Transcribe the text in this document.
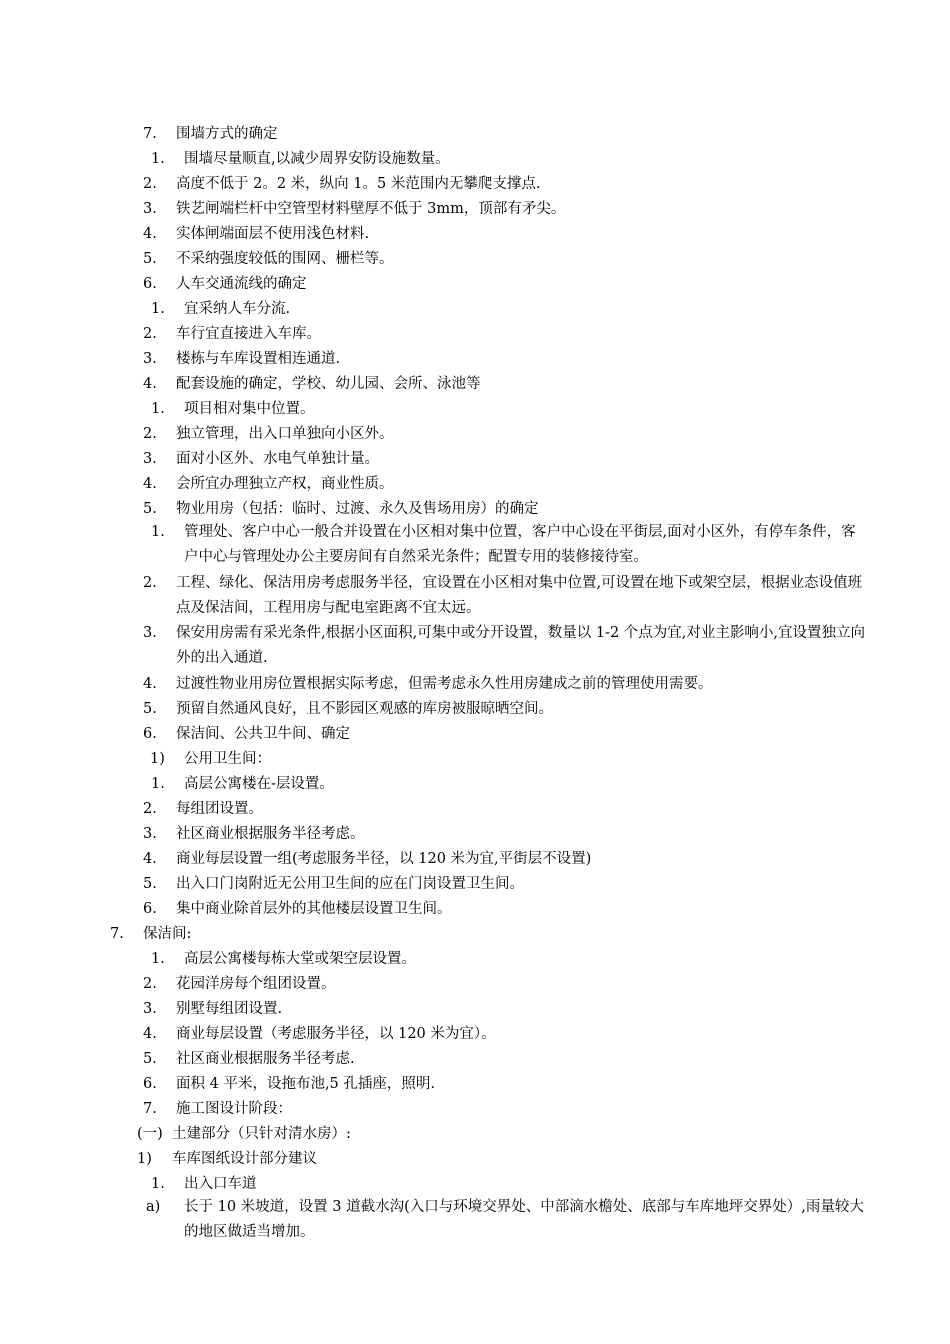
7.	围墙方式的确定
1.	围墙尽量顺直,以减少周界安防设施数量。
2.	高度不低于 2。2 米，纵向 1。5 米范围内无攀爬支撑点.
3.	铁艺闸端栏杆中空管型材料壁厚不低于 3mm，顶部有矛尖。
4.	实体闸端面层不使用浅色材料.
5.	不采纳强度较低的围网、栅栏等。
6.	人车交通流线的确定
1.	宜采纳人车分流.
2.	车行宜直接进入车库。
3.	楼栋与车库设置相连通道.
4.	配套设施的确定，学校、幼儿园、会所、泳池等
1.	项目相对集中位置。
2.	独立管理，出入口单独向小区外。
3.	面对小区外、水电气单独计量。
4.	会所宜办理独立产权，商业性质。
5.	物业用房（包括：临时、过渡、永久及售场用房）的确定
1.	管理处、客户中心一般合并设置在小区相对集中位置，客户中心设在平街层,面对小区外，有停车条件，客户中心与管理处办公主要房间有自然采光条件；配置专用的装修接待室。
2.	工程、绿化、保洁用房考虑服务半径，宜设置在小区相对集中位置,可设置在地下或架空层，根据业态设值班点及保洁间，工程用房与配电室距离不宜太远。
3.	保安用房需有采光条件,根据小区面积,可集中或分开设置，数量以 1-2 个点为宜,对业主影响小,宜设置独立向外的出入通道.
4.	过渡性物业用房位置根据实际考虑，但需考虑永久性用房建成之前的管理使用需要。
5.	预留自然通风良好，且不影园区观感的库房被服晾晒空间。
6.	保洁间、公共卫牛间、确定
1)	公用卫生间：
1.	高层公寓楼在-层设置。
2.	每组团设置。
3.	社区商业根据服务半径考虑。
4.	商业每层设置一组(考虑服务半径，以 120 米为宜,平街层不设置)
5.	出入口门岗附近无公用卫生间的应在门岗设置卫生间。
6.	集中商业除首层外的其他楼层设置卫生间。
7.	保洁间:
1.	高层公寓楼每栋大堂或架空层设置。
2.	花园洋房每个组团设置。
3.	别墅每组团设置.
4.	商业每层设置（考虑服务半径，以 120 米为宜）。
5.	社区商业根据服务半径考虑.
6.	面积 4 平米，设拖布池,5 孔插座，照明.
7.	施工图设计阶段：
(一) 土建部分（只针对清水房）:
1)	车库图纸设计部分建议
1.	出入口车道
a)	长于 10 米坡道，设置 3 道截水沟(入口与环境交界处、中部滴水檐处、底部与车库地坪交界处）,雨量较大的地区做适当增加。
